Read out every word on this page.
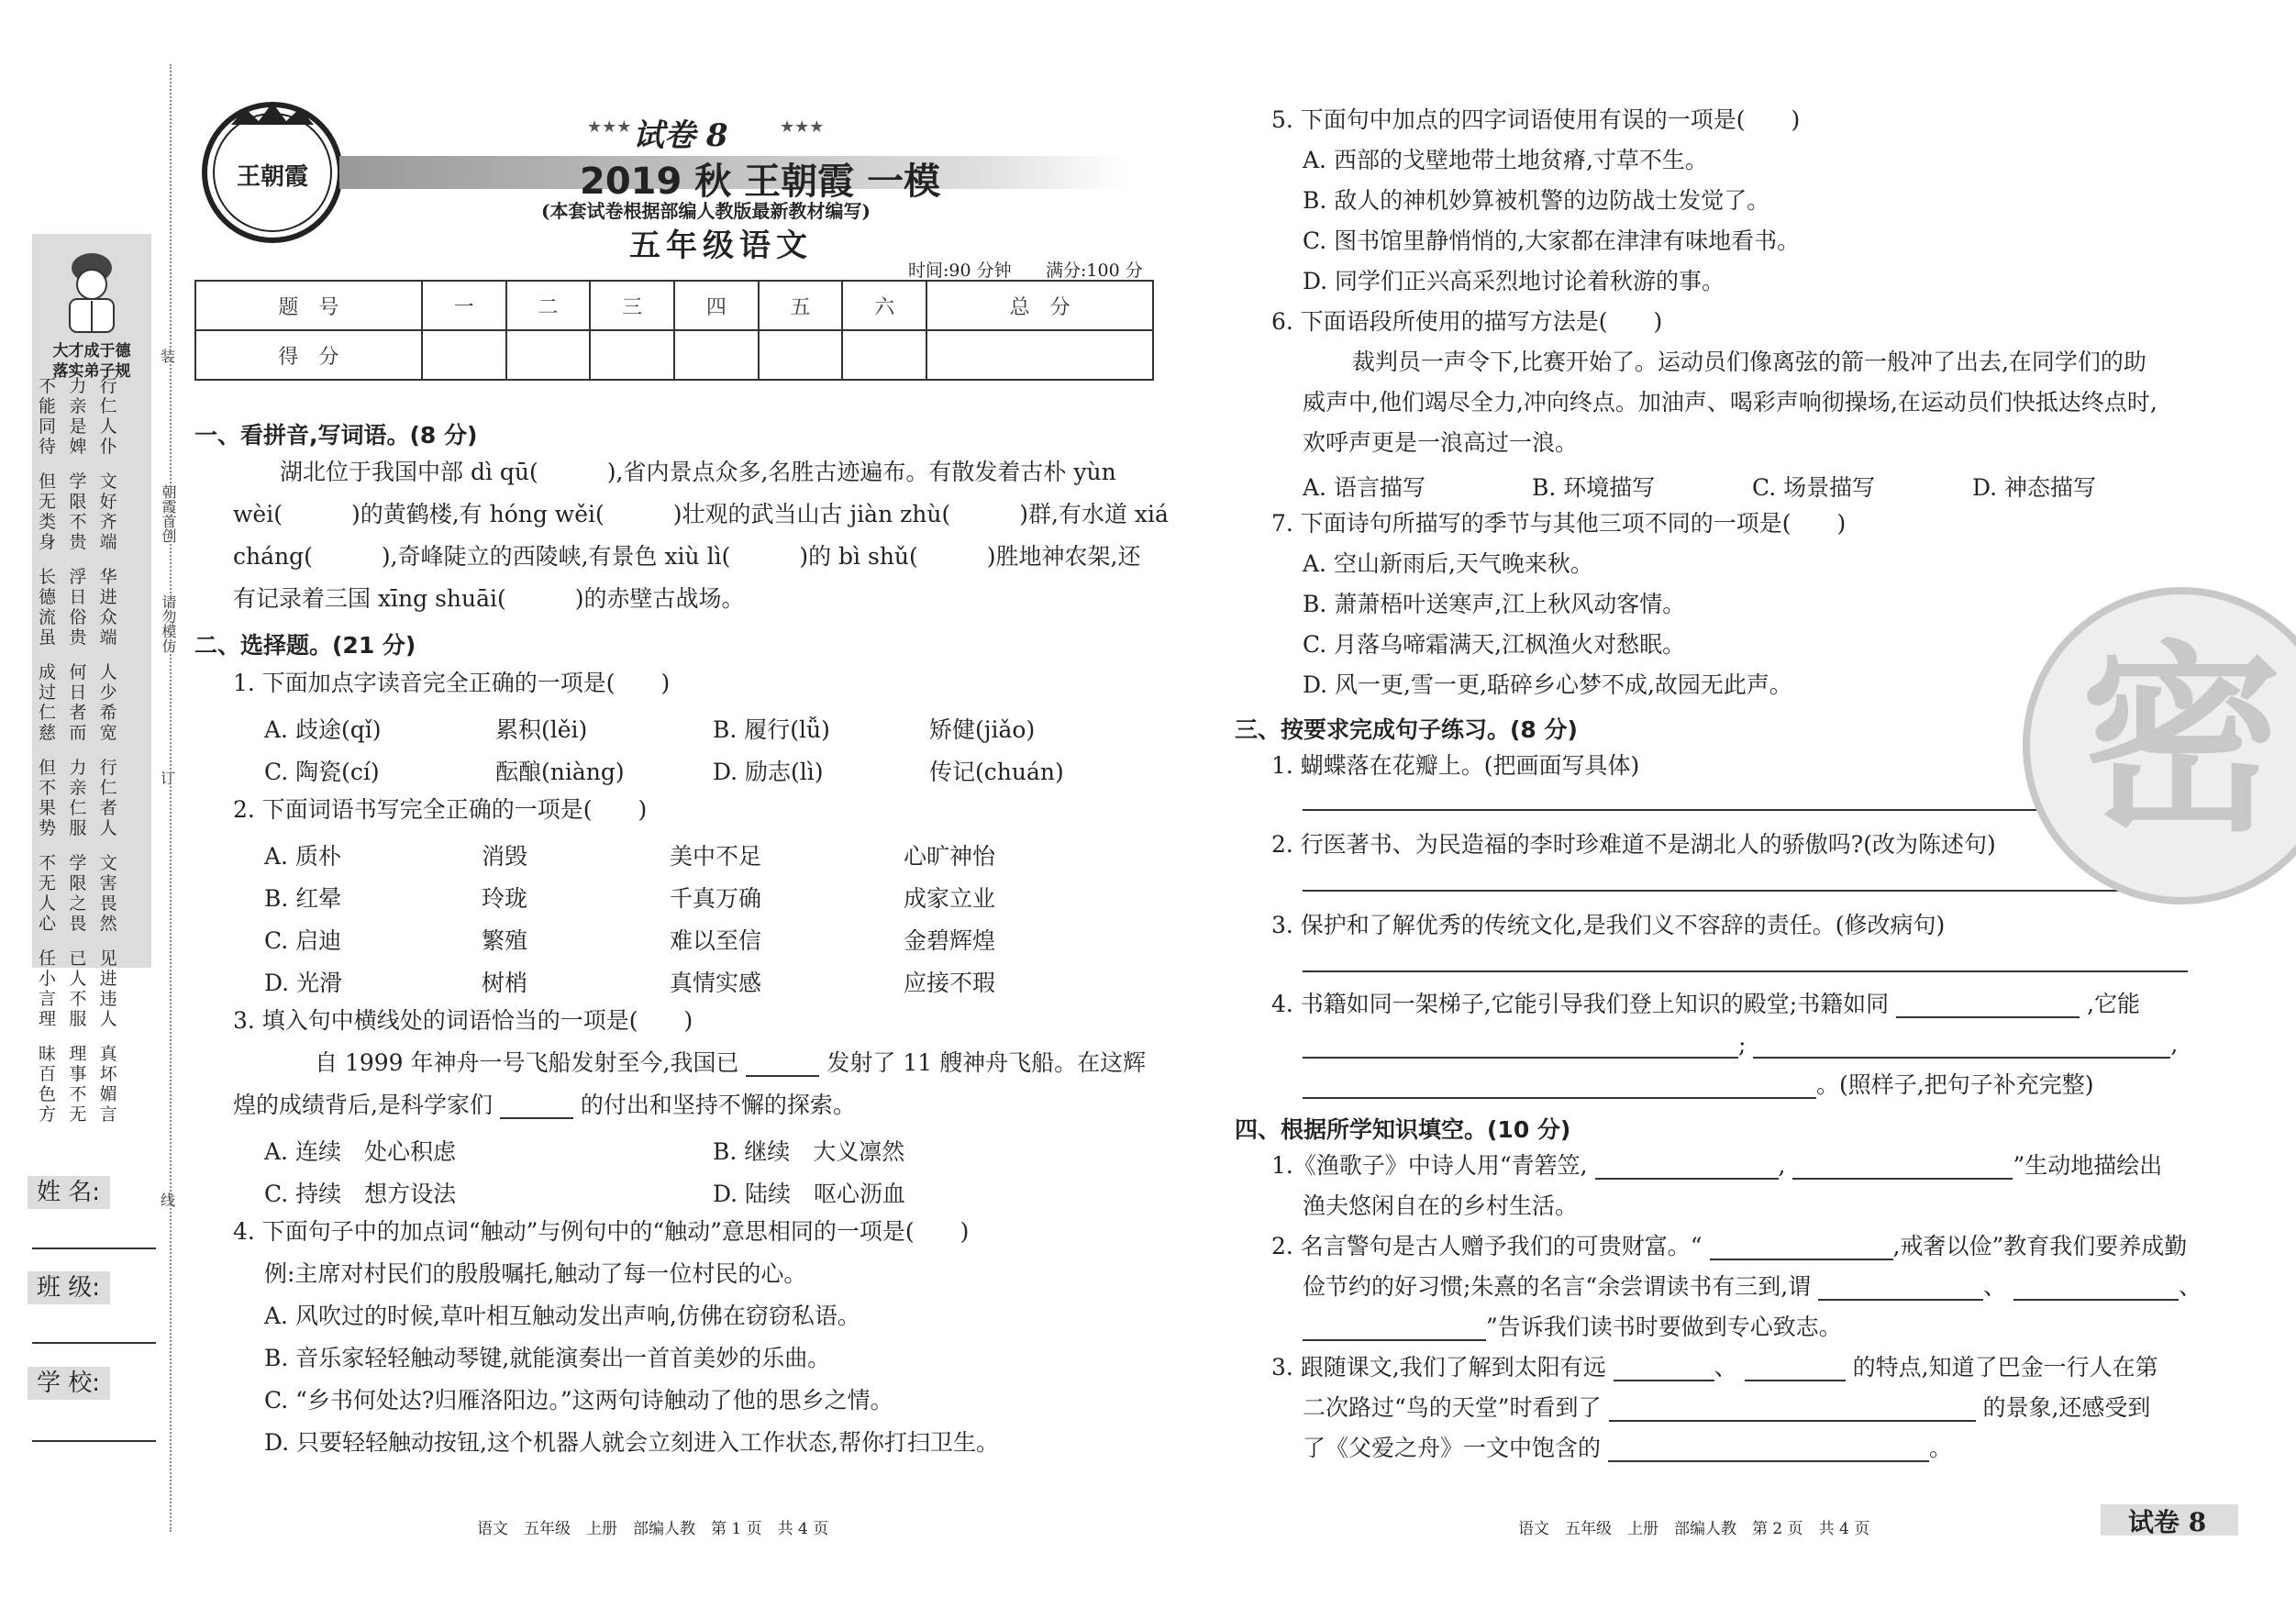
大才成于德
落实弟子规
不能同待
力亲是婢
行仁人仆
但无类身
学限不贵
文好齐端
长德流虽
浮日俗贵
华进众端
成过仁慈
何日者而
人少希宽
但不果势
力亲仁服
行仁者人
不无人心
学限之畏
文害畏然
任小言理
已人不服
见进违人
昧百色方
理事不无
真坏媚言
装
朝霞首创
请勿模仿
订
线
姓 名:
班 级:
学 校:
王朝霞
试卷 8
★★★	★★★
2019 秋 王朝霞 一模
(本套试卷根据部编人教版最新教材编写)
五年级语文
时间:90 分钟 满分:100 分
题　号	一	二	三	四	五	六	总　分
得　分							
一、看拼音,写词语。(8 分)
湖北位于我国中部 dì qū(　　　),省内景点众多,名胜古迹遍布。有散发着古朴 yùn
wèi(　　　)的黄鹤楼,有 hóng wěi(　　　)壮观的武当山古 jiàn zhù(　　　)群,有水道 xiá
cháng(　　　),奇峰陡立的西陵峡,有景色 xiù lì(　　　)的 bì shǔ(　　　)胜地神农架,还
有记录着三国 xīng shuāi(　　　)的赤壁古战场。
二、选择题。(21 分)
1. 下面加点字读音完全正确的一项是(　　)
A. 歧途(qǐ)	累积(lěi)	B. 履行(lǚ)	矫健(jiǎo)
C. 陶瓷(cí)	酝酿(niàng)	D. 励志(lì)	传记(chuán)
2. 下面词语书写完全正确的一项是(　　)
A. 质朴	消毁	美中不足	心旷神怡
B. 红晕	玲珑	千真万确	成家立业
C. 启迪	繁殖	难以至信	金碧辉煌
D. 光滑	树梢	真情实感	应接不瑕
3. 填入句中横线处的词语恰当的一项是(　　)
自 1999 年神舟一号飞船发射至今,我国已	发射了 11 艘神舟飞船。在这辉
煌的成绩背后,是科学家们	的付出和坚持不懈的探索。
A. 连续　处心积虑	B. 继续　大义凛然
C. 持续　想方设法	D. 陆续　呕心沥血
4. 下面句子中的加点词“触动”与例句中的“触动”意思相同的一项是(　　)
例:主席对村民们的殷殷嘱托,触动了每一位村民的心。
A. 风吹过的时候,草叶相互触动发出声响,仿佛在窃窃私语。
B. 音乐家轻轻触动琴键,就能演奏出一首首美妙的乐曲。
C. “乡书何处达?归雁洛阳边。”这两句诗触动了他的思乡之情。
D. 只要轻轻触动按钮,这个机器人就会立刻进入工作状态,帮你打扫卫生。
语文　五年级　上册　部编人教　第 1 页　共 4 页
5. 下面句中加点的四字词语使用有误的一项是(　　)
A. 西部的戈壁地带土地贫瘠,寸草不生。
B. 敌人的神机妙算被机警的边防战士发觉了。
C. 图书馆里静悄悄的,大家都在津津有味地看书。
D. 同学们正兴高采烈地讨论着秋游的事。
6. 下面语段所使用的描写方法是(　　)
裁判员一声令下,比赛开始了。运动员们像离弦的箭一般冲了出去,在同学们的助
威声中,他们竭尽全力,冲向终点。加油声、喝彩声响彻操场,在运动员们快抵达终点时,
欢呼声更是一浪高过一浪。
A. 语言描写	B. 环境描写	C. 场景描写	D. 神态描写
7. 下面诗句所描写的季节与其他三项不同的一项是(　　)
A. 空山新雨后,天气晚来秋。
B. 萧萧梧叶送寒声,江上秋风动客情。
C. 月落乌啼霜满天,江枫渔火对愁眠。
D. 风一更,雪一更,聒碎乡心梦不成,故园无此声。
三、按要求完成句子练习。(8 分)
1. 蝴蝶落在花瓣上。(把画面写具体)
2. 行医著书、为民造福的李时珍难道不是湖北人的骄傲吗?(改为陈述句)
3. 保护和了解优秀的传统文化,是我们义不容辞的责任。(修改病句)
4. 书籍如同一架梯子,它能引导我们登上知识的殿堂;书籍如同	,它能
;	,
。(照样子,把句子补充完整)
四、根据所学知识填空。(10 分)
1.《渔歌子》中诗人用“青箬笠,	,	”生动地描绘出
渔夫悠闲自在的乡村生活。
2. 名言警句是古人赠予我们的可贵财富。“	,戒奢以俭”教育我们要养成勤
俭节约的好习惯;朱熹的名言“余尝谓读书有三到,谓	、	、
”告诉我们读书时要做到专心致志。
3. 跟随课文,我们了解到太阳有远	、	的特点,知道了巴金一行人在第
二次路过“鸟的天堂”时看到了	的景象,还感受到
了《父爱之舟》一文中饱含的	。
语文　五年级　上册　部编人教　第 2 页　共 4 页	试卷 8
密
